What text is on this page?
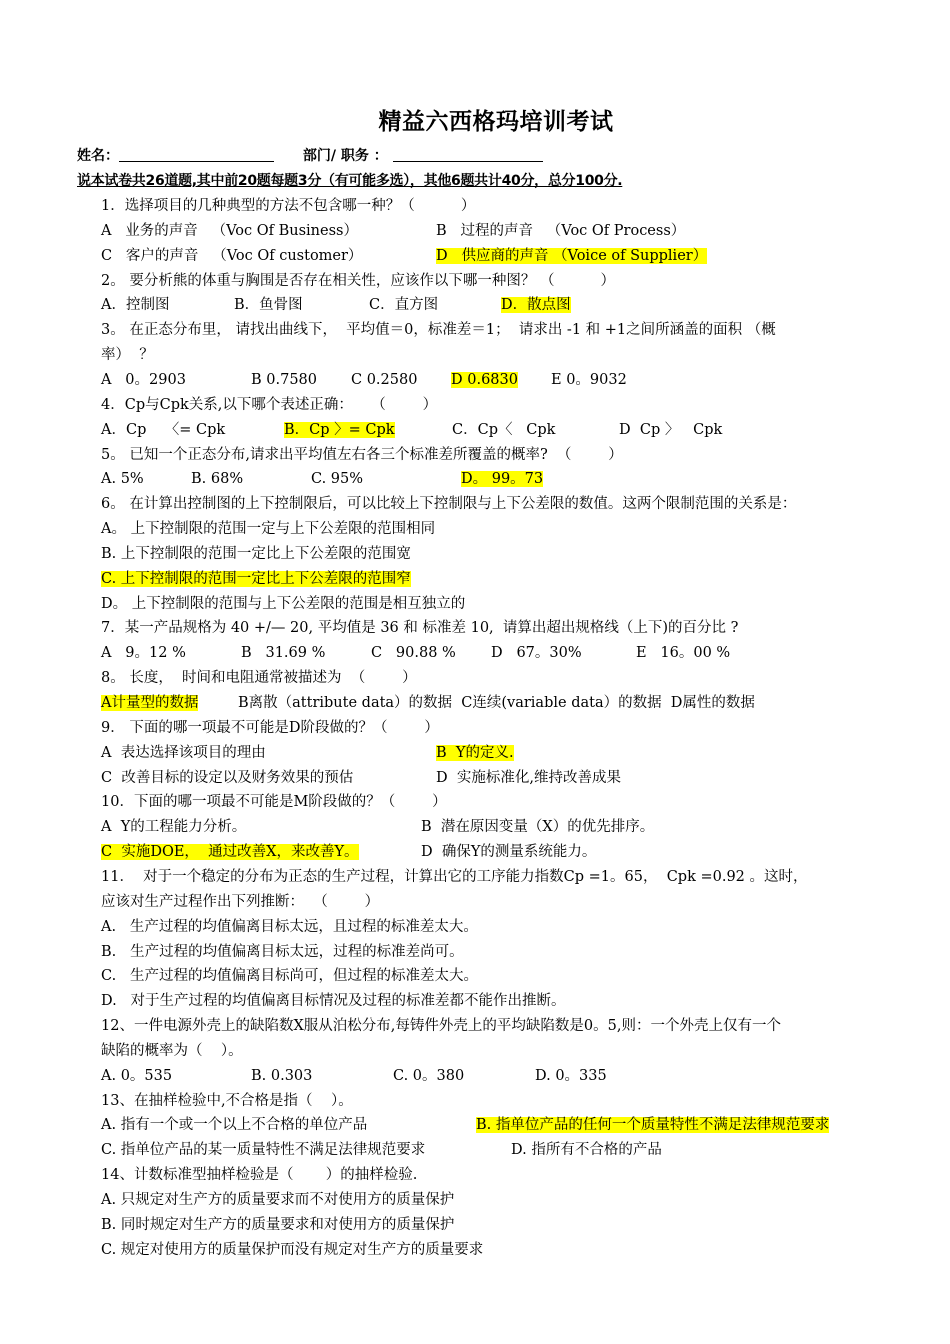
精益六西格玛培训考试
姓名：	部门/ 职务 ：
说本试卷共26道题,其中前20题每题3分（有可能多选），其他6题共计40分，总分100分.
1．选择项目的几种典型的方法不包含哪一种？（          ）
A   业务的声音   （Voc Of Business）	B   过程的声音   （Voc Of Process）
C   客户的声音   （Voc Of customer）	D   供应商的声音 （Voice of Supplier）
2。 要分析熊的体重与胸围是否存在相关性，应该作以下哪一种图？ （          ）
A．控制图	B．鱼骨图	C．直方图	D．散点图
3。 在正态分布里， 请找出曲线下，  平均值＝0，标准差＝1；  请求出 -1 和 +1之间所涵盖的面积 （概
率）  ？
A   0。2903	B 0.7580 C 0.2580 D 0.6830 E 0。9032
4．Cp与Cpk关系,以下哪个表述正确：    （        ）
A．Cp    〈= Cpk	B．Cp 〉= Cpk	C．Cp〈   Cpk	D  Cp 〉   Cpk
5。 已知一个正态分布,请求出平均值左右各三个标准差所覆盖的概率?  （        ）
A. 5%	B. 68%	C. 95%	D。 99。73
6。 在计算出控制图的上下控制限后，可以比较上下控制限与上下公差限的数值。这两个限制范围的关系是：
A。 上下控制限的范围一定与上下公差限的范围相同
B. 上下控制限的范围一定比上下公差限的范围宽
C. 上下控制限的范围一定比上下公差限的范围窄
D。 上下控制限的范围与上下公差限的范围是相互独立的
7．某一产品规格为 40 +/— 20, 平均值是 36 和 标准差 10,  请算出超出规格线（上下)的百分比 ?
A   9。12 %	B   31.69 %	C   90.88 % D   67。30%	E   16。00 %
8。 长度，  时间和电阻通常被描述为  （        ）
A计量型的数据	B离散（attribute data）的数据  C连续(variable data）的数据  D属性的数据
9． 下面的哪一项最不可能是D阶段做的？（        ）
A  表达选择该项目的理由	B  Y的定义.
C  改善目标的设定以及财务效果的预估	D  实施标准化,维持改善成果
10．下面的哪一项最不可能是M阶段做的？（        ）
A  Y的工程能力分析。	B  潜在原因变量（X）的优先排序。
C  实施DOE，  通过改善X，来改善Y。	D  确保Y的测量系统能力。
11．  对于一个稳定的分布为正态的生产过程，计算出它的工序能力指数Cp =1。65，  Cpk =0.92 。这时，
应该对生产过程作出下列推断：  （        ）
A.   生产过程的均值偏离目标太远，且过程的标准差太大。
B.   生产过程的均值偏离目标太远，过程的标准差尚可。
C.   生产过程的均值偏离目标尚可，但过程的标准差太大。
D.   对于生产过程的均值偏离目标情况及过程的标准差都不能作出推断。
12、一件电源外壳上的缺陷数X服从泊松分布,每铸件外壳上的平均缺陷数是0。5,则：一个外壳上仅有一个
缺陷的概率为（    ）。
A. 0。535	B. 0.303	C. 0。380	D. 0。335
13、在抽样检验中,不合格是指（    ）。
A. 指有一个或一个以上不合格的单位产品	B. 指单位产品的任何一个质量特性不满足法律规范要求
C. 指单位产品的某一质量特性不满足法律规范要求	D. 指所有不合格的产品
14、计数标准型抽样检验是（       ）的抽样检验.
A. 只规定对生产方的质量要求而不对使用方的质量保护
B. 同时规定对生产方的质量要求和对使用方的质量保护
C. 规定对使用方的质量保护而没有规定对生产方的质量要求
